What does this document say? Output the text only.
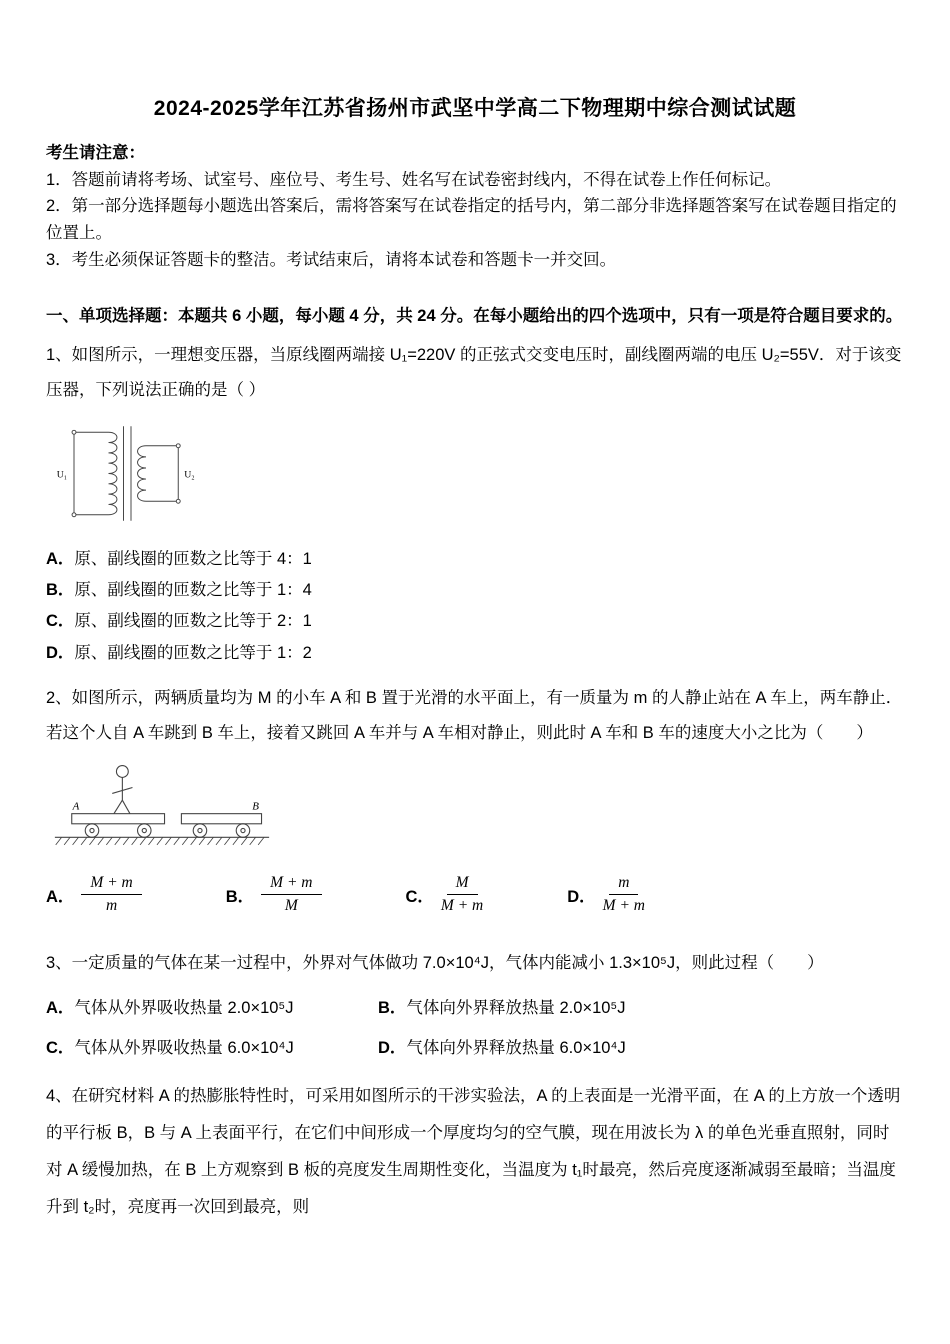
2024-2025学年江苏省扬州市武坚中学高二下物理期中综合测试试题

考生请注意：

1．答题前请将考场、试室号、座位号、考生号、姓名写在试卷密封线内，不得在试卷上作任何标记。

2．第一部分选择题每小题选出答案后，需将答案写在试卷指定的括号内，第二部分非选择题答案写在试卷题目指定的位置上。

3．考生必须保证答题卡的整洁。考试结束后，请将本试卷和答题卡一并交回。

一、单项选择题：本题共 6 小题，每小题 4 分，共 24 分。在每小题给出的四个选项中，只有一项是符合题目要求的。

1、如图所示，一理想变压器，当原线圈两端接 U₁=220V 的正弦式交变电压时，副线圈两端的电压 U₂=55V．对于该变压器，下列说法正确的是（ ）

U₁	U₂
A．原、副线圈的匝数之比等于 4：1
B．原、副线圈的匝数之比等于 1：4
C．原、副线圈的匝数之比等于 2：1
D．原、副线圈的匝数之比等于 1：2

2、如图所示，两辆质量均为 M 的小车 A 和 B 置于光滑的水平面上，有一质量为 m 的人静止站在 A 车上，两车静止．若这个人自 A 车跳到 B 车上，接着又跳回 A 车并与 A 车相对静止，则此时 A 车和 B 车的速度大小之比为（　　）

A	B
A． $\frac{M + m}{m}$	B． $\frac{M + m}{M}$	C． $\frac{M}{M + m}$	D． $\frac{m}{M + m}$

3、一定质量的气体在某一过程中，外界对气体做功 7.0×10⁴J，气体内能减小 1.3×10⁵J，则此过程（　　）

A．气体从外界吸收热量 2.0×10⁵J	B．气体向外界释放热量 2.0×10⁵J
C．气体从外界吸收热量 6.0×10⁴J	D．气体向外界释放热量 6.0×10⁴J

4、在研究材料 A 的热膨胀特性时，可采用如图所示的干涉实验法，A 的上表面是一光滑平面，在 A 的上方放一个透明的平行板 B，B 与 A 上表面平行，在它们中间形成一个厚度均匀的空气膜，现在用波长为 λ 的单色光垂直照射，同时对 A 缓慢加热，在 B 上方观察到 B 板的亮度发生周期性变化，当温度为 t₁时最亮，然后亮度逐渐减弱至最暗；当温度升到 t₂时，亮度再一次回到最亮，则
